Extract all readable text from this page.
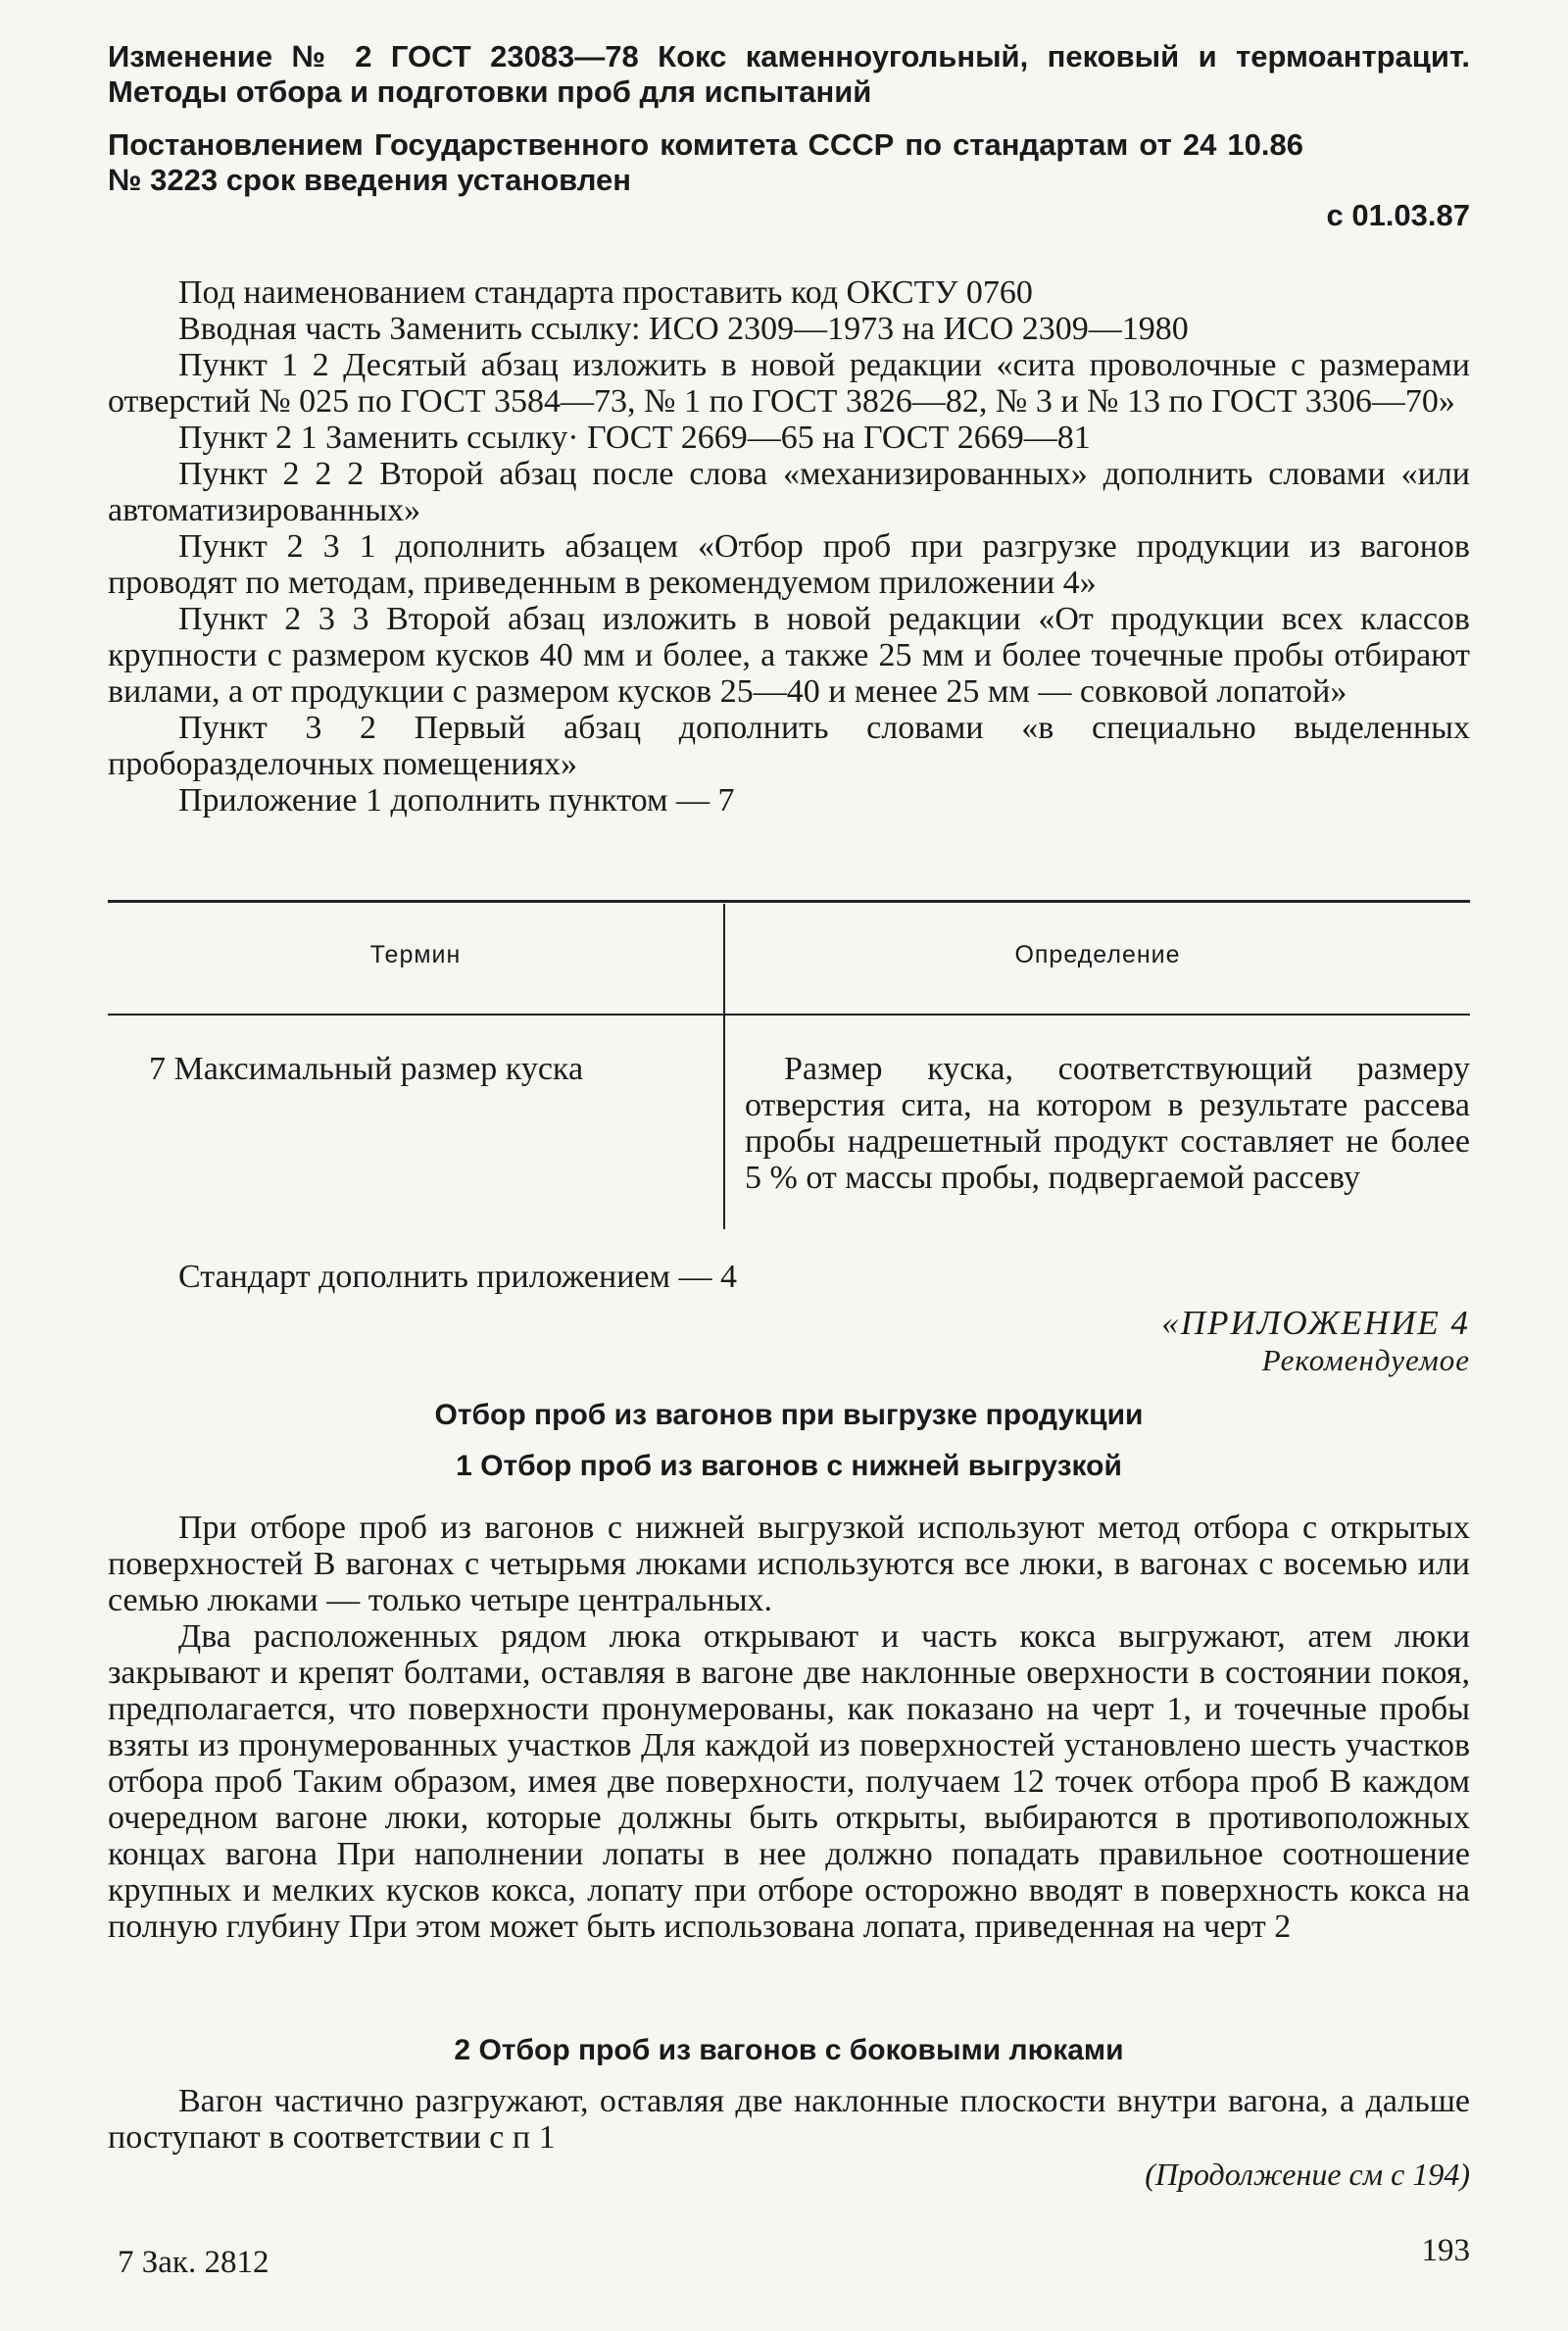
Изменение № 2 ГОСТ 23083—78 Кокс каменноугольный, пековый и термоантрацит. Методы отбора и подготовки проб для испытаний
Постановлением Государственного комитета СССР по стандартам от 24 10.86 № 3223 срок введения установлен
с 01.03.87

Под наименованием стандарта проставить код ОКСТУ 0760

Вводная часть Заменить ссылку: ИСО 2309—1973 на ИСО 2309—1980

Пункт 1 2 Десятый абзац изложить в новой редакции «сита проволочные с размерами отверстий № 025 по ГОСТ 3584—73, № 1 по ГОСТ 3826—82, № 3 и № 13 по ГОСТ 3306—70»

Пункт 2 1 Заменить ссылку· ГОСТ 2669—65 на ГОСТ 2669—81

Пункт 2 2 2 Второй абзац после слова «механизированных» дополнить словами «или автоматизированных»

Пункт 2 3 1 дополнить абзацем «Отбор проб при разгрузке продукции из вагонов проводят по методам, приведенным в рекомендуемом приложении 4»

Пункт 2 3 3 Второй абзац изложить в новой редакции «От продукции всех классов крупности с размером кусков 40 мм и более, а также 25 мм и более точечные пробы отбирают вилами, а от продукции с размером кусков 25—40 и менее 25 мм — совковой лопатой»

Пункт 3 2 Первый абзац дополнить словами «в специально выделенных проборазделочных помещениях»

Приложение 1 дополнить пунктом — 7

Термин	Определение
7 Максимальный размер куска	Размер куска, соответствующий размеру отверстия сита, на котором в результате рассева пробы надрешетный продукт составляет не более 5 % от массы пробы, подвергаемой рассеву

Стандарт дополнить приложением — 4

«ПРИЛОЖЕНИЕ 4
Рекомендуемое
Отбор проб из вагонов при выгрузке продукции
1 Отбор проб из вагонов с нижней выгрузкой

При отборе проб из вагонов с нижней выгрузкой используют метод отбора с открытых поверхностей В вагонах с четырьмя люками используются все люки, в вагонах с восемью или семью люками — только четыре центральных.

Два расположенных рядом люка открывают и часть кокса выгружают, атем люки закрывают и крепят болтами, оставляя в вагоне две наклонные оверхности в состоянии покоя, предполагается, что поверхности пронумерованы, как показано на черт 1, и точечные пробы взяты из пронумерованных участков Для каждой из поверхностей установлено шесть участков отбора проб Таким образом, имея две поверхности, получаем 12 точек отбора проб В каждом очередном вагоне люки, которые должны быть открыты, выбираются в противоположных концах вагона При наполнении лопаты в нее должно попадать правильное соотношение крупных и мелких кусков кокса, лопату при отборе осторожно вводят в поверхность кокса на полную глубину При этом может быть использована лопата, приведенная на черт 2

2 Отбор проб из вагонов с боковыми люками

Вагон частично разгружают, оставляя две наклонные плоскости внутри вагона, а дальше поступают в соответствии с п 1

(Продолжение см с 194)
7 Зак. 2812	193
